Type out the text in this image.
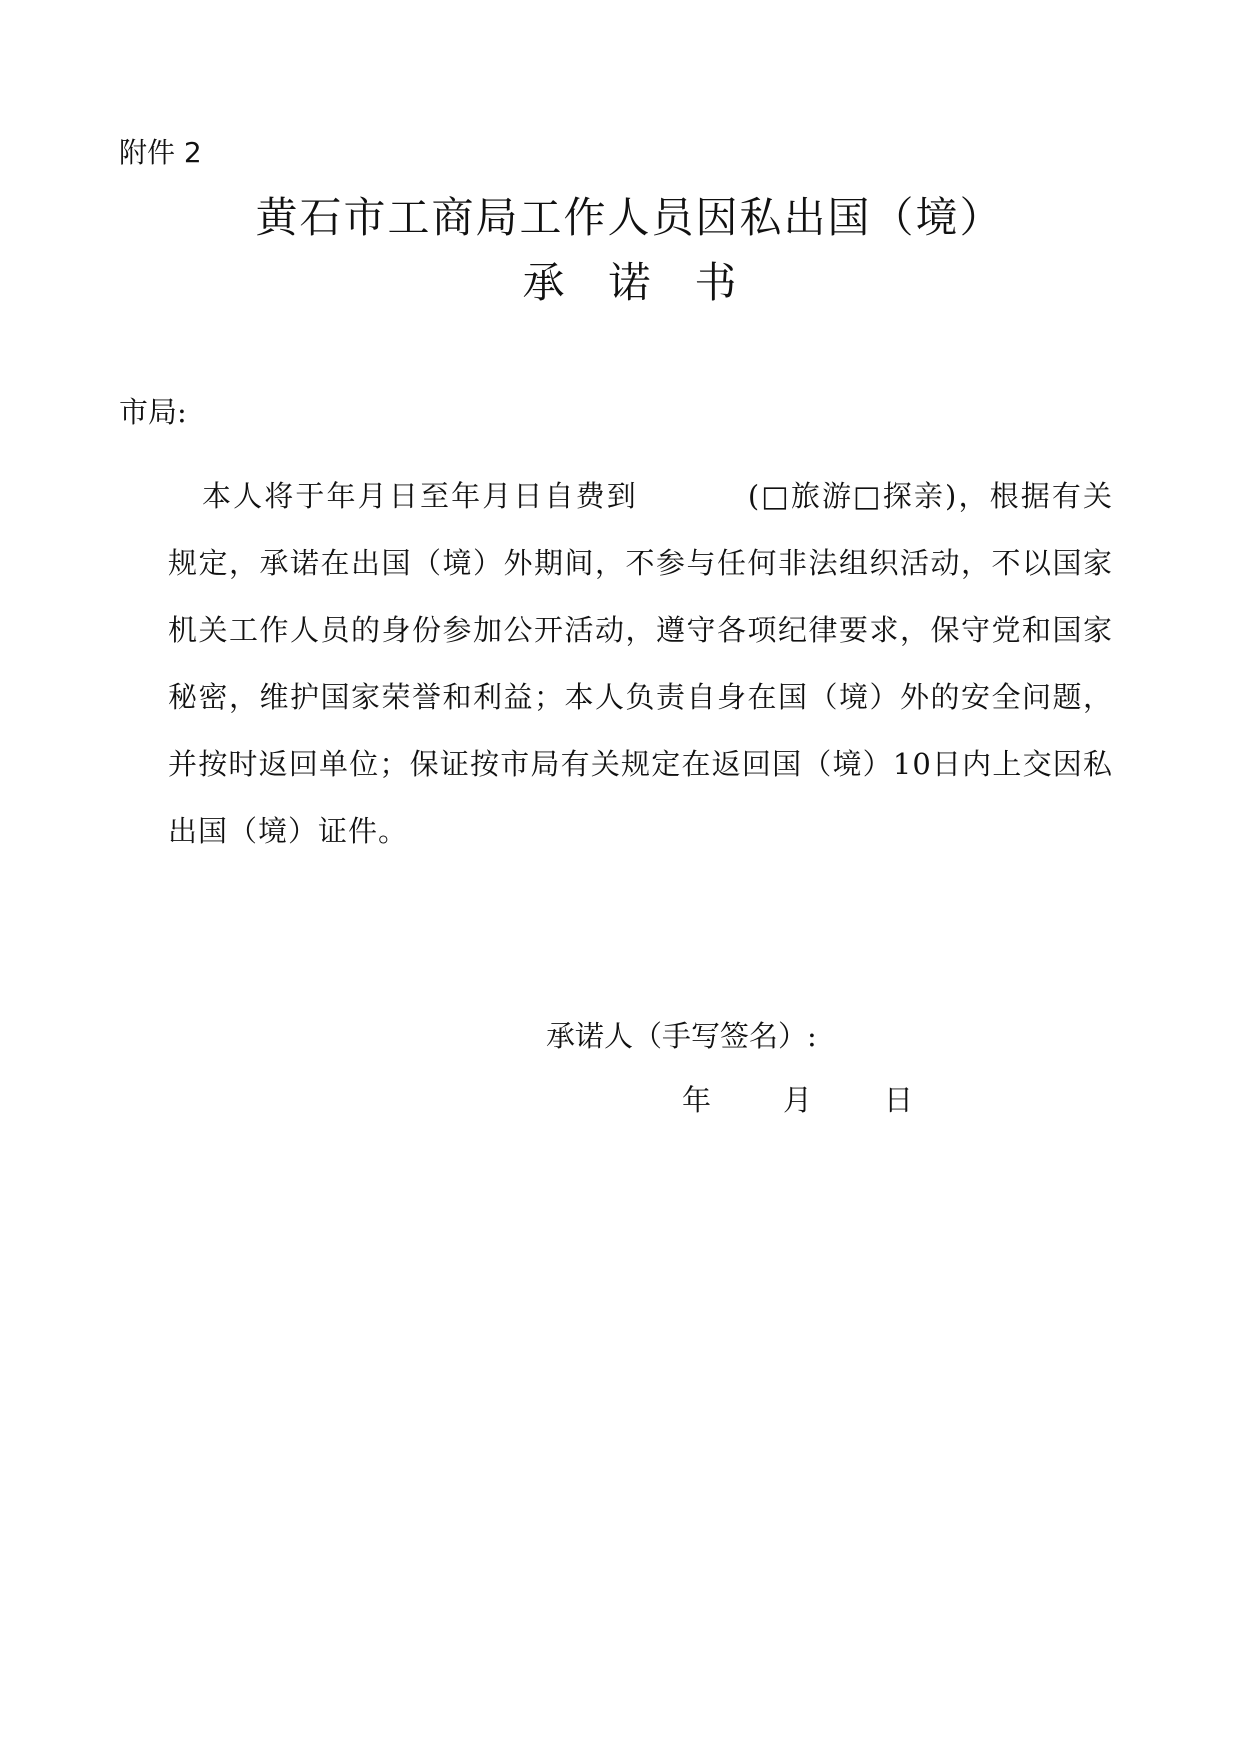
附件 2
黄石市工商局工作人员因私出国（境）
承诺书
市局:
本人将于年月日至年月日自费到	(□旅游□探亲)，根据有关规定，承诺在出国（境）外期间，不参与任何非法组织活动，不以国家机关工作人员的身份参加公开活动，遵守各项纪律要求，保守党和国家秘密，维护国家荣誉和利益；本人负责自身在国（境）外的安全问题，并按时返回单位；保证按市局有关规定在返回国（境）10日内上交因私出国（境）证件。
承诺人（手写签名）:
年 月 日
